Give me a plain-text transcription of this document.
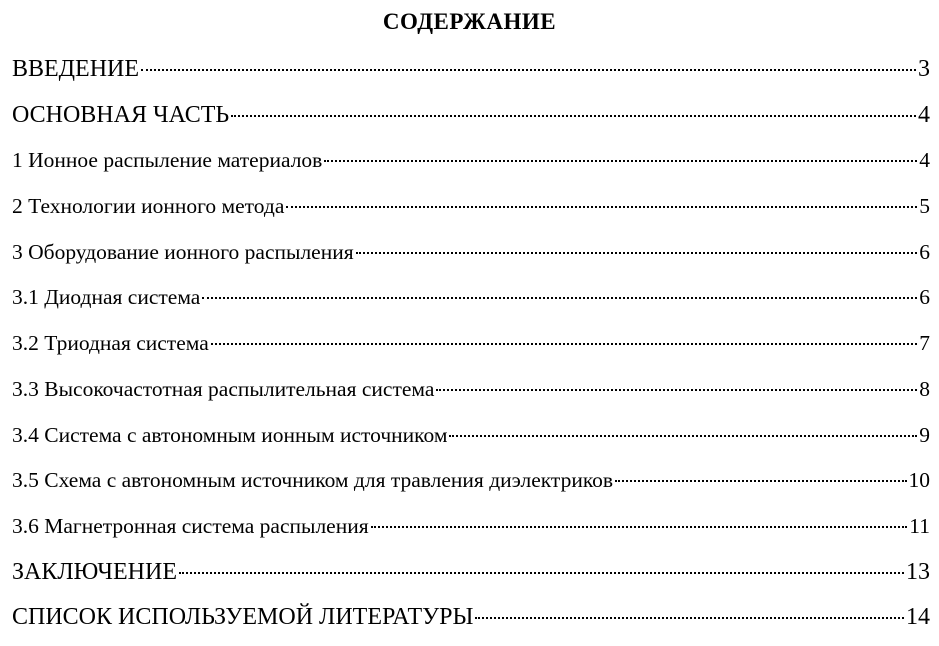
СОДЕРЖАНИЕ
ВВЕДЕНИЕ	3
ОСНОВНАЯ ЧАСТЬ	4
1 Ионное распыление материалов	4
2 Технологии ионного метода	5
3 Оборудование ионного распыления	6
3.1 Диодная система	6
3.2 Триодная система	7
3.3 Высокочастотная распылительная система	8
3.4 Система с автономным ионным источником	9
3.5 Схема с автономным источником для травления диэлектриков	10
3.6 Магнетронная система распыления	11
ЗАКЛЮЧЕНИЕ	13
СПИСОК ИСПОЛЬЗУЕМОЙ ЛИТЕРАТУРЫ	14
